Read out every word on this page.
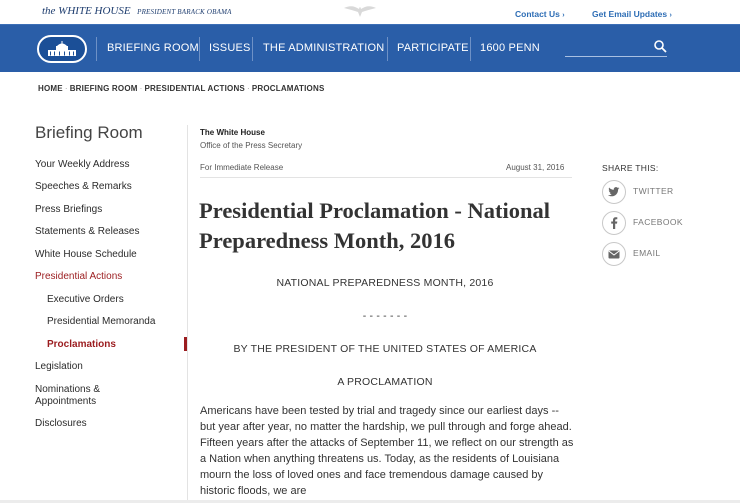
the WHITE HOUSE PRESIDENT BARACK OBAMA	Contact Us ›	Get Email Updates ›
BRIEFING ROOM ISSUES THE ADMINISTRATION PARTICIPATE 1600 PENN
HOME · BRIEFING ROOM · PRESIDENTIAL ACTIONS · PROCLAMATIONS
Briefing Room
Your Weekly Address
Speeches & Remarks
Press Briefings
Statements & Releases
White House Schedule
Presidential Actions
Executive Orders
Presidential Memoranda
Proclamations
Legislation
Nominations &
Appointments
Disclosures
The White House
Office of the Press Secretary
For Immediate Release	August 31, 2016
Presidential Proclamation - National Preparedness Month, 2016
NATIONAL PREPAREDNESS MONTH, 2016
- - - - - - -
BY THE PRESIDENT OF THE UNITED STATES OF AMERICA
A PROCLAMATION

Americans have been tested by trial and tragedy since our earliest days -- but year after year, no matter the hardship, we pull through and forge ahead. Fifteen years after the attacks of September 11, we reflect on our strength as a Nation when anything threatens us. Today, as the residents of Louisiana mourn the loss of loved ones and face tremendous damage caused by historic floods, we are

SHARE THIS:
TWITTER
FACEBOOK
EMAIL
